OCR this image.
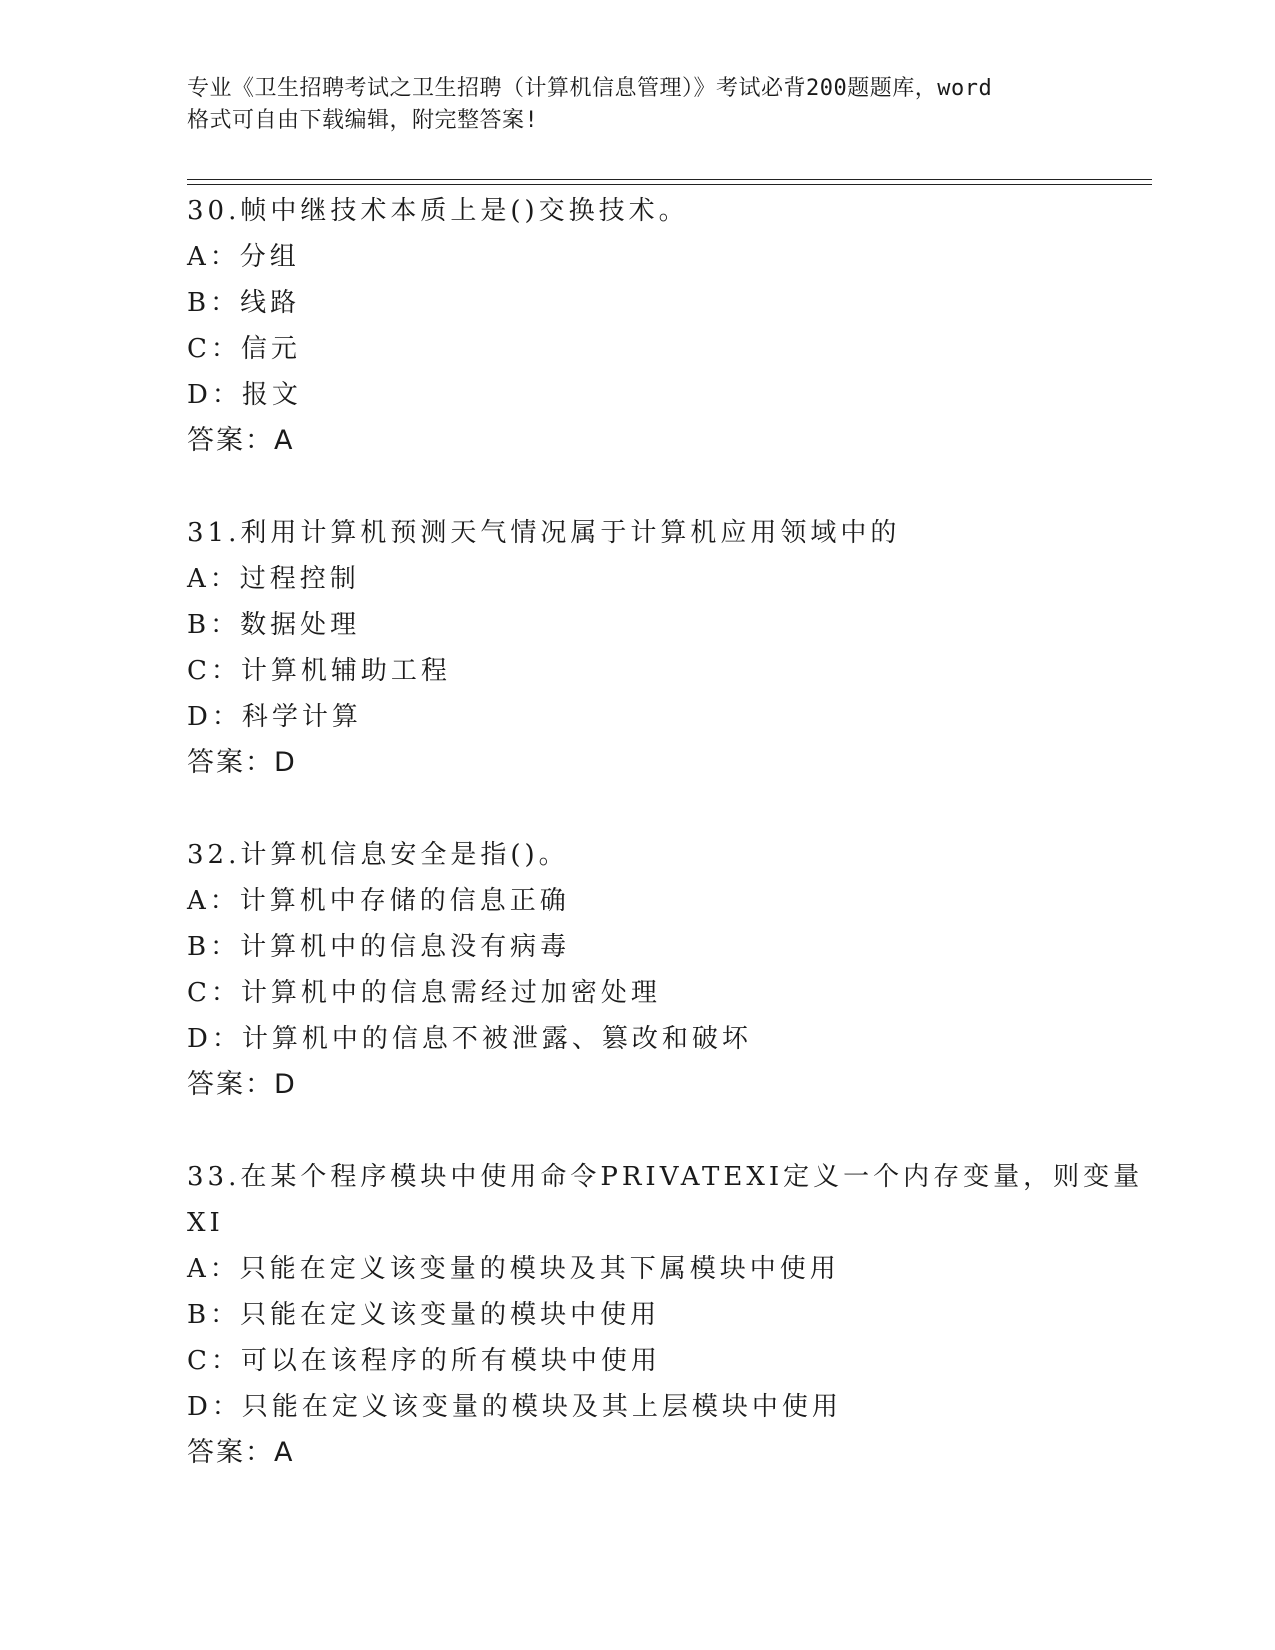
专业《卫生招聘考试之卫生招聘（计算机信息管理）》考试必背200题题库，word
格式可自由下载编辑，附完整答案!
30.帧中继技术本质上是()交换技术。
A：分组
B：线路
C：信元
D：报文
答案：A
31.利用计算机预测天气情况属于计算机应用领域中的
A：过程控制
B：数据处理
C：计算机辅助工程
D：科学计算
答案：D
32.计算机信息安全是指()。
A：计算机中存储的信息正确
B：计算机中的信息没有病毒
C：计算机中的信息需经过加密处理
D：计算机中的信息不被泄露、篡改和破坏
答案：D
33.在某个程序模块中使用命令PRIVATEXI定义一个内存变量，则变量
XI
A：只能在定义该变量的模块及其下属模块中使用
B：只能在定义该变量的模块中使用
C：可以在该程序的所有模块中使用
D：只能在定义该变量的模块及其上层模块中使用
答案：A
